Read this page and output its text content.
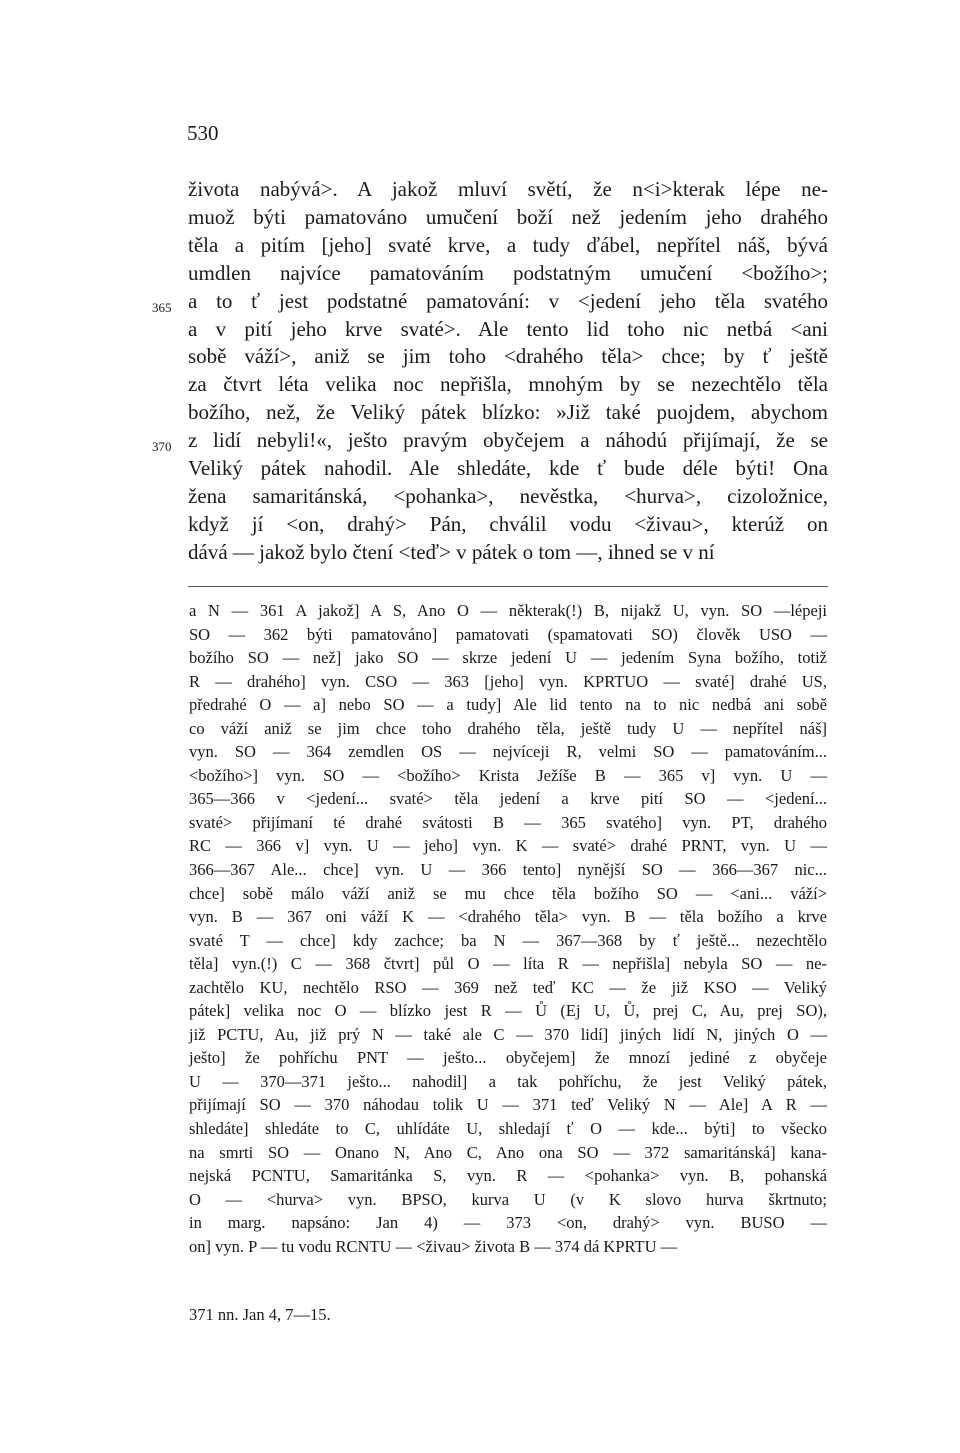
530
života nabývá>. A jakož mluví světí, že n<i>kterak lépe ne-
muož býti pamatováno umučení boží než jedením jeho drahého
těla a pitím [jeho] svaté krve, a tudy ďábel, nepřítel náš, bývá
umdlen najvíce pamatováním podstatným umučení <božího>;
365 a to ť jest podstatné pamatování: v <jedení jeho těla svatého
a v pití jeho krve svaté>. Ale tento lid toho nic netbá <ani
sobě váží>, aniž se jim toho <drahého těla> chce; by ť ještě
za čtvrt léta velika noc nepřišla, mnohým by se nezechtělo těla
božího, než, že Veliký pátek blízko: »Již také puojdem, abychom
370 z lidí nebyli!«, ješto pravým obyčejem a náhodú přijímají, že se
Veliký pátek nahodil. Ale shledáte, kde ť bude déle býti! Ona
žena samaritánská, <pohanka>, nevěstka, <hurva>, cizoložnice,
když jí <on, drahý> Pán, chválil vodu <živau>, kterúž on
dává — jakož bylo čtení <teď> v pátek o tom —, ihned se v ní
a N — 361 A jakož] A S, Ano O — některak(!) B, nijakž U, vyn. SO —lépeji
SO — 362 býti pamatováno] pamatovati (spamatovati SO) člověk USO —
božího SO — než] jako SO — skrze jedení U — jedením Syna božího, totiž
R — drahého] vyn. CSO — 363 [jeho] vyn. KPRTUO — svaté] drahé US,
předrahé O — a] nebo SO — a tudy] Ale lid tento na to nic nedbá ani sobě
co váží aniž se jim chce toho drahého těla, ještě tudy U — nepřítel náš]
vyn. SO — 364 zemdlen OS — nejvíceji R, velmi SO — pamatováním...
<božího>] vyn. SO — <božího> Krista Ježíše B — 365 v] vyn. U —
365—366 v <jedení... svaté> těla jedení a krve pití SO — <jedení...
svaté> přijímaní té drahé svátosti B — 365 svatého] vyn. PT, drahého
RC — 366 v] vyn. U — jeho] vyn. K — svaté> drahé PRNT, vyn. U —
366—367 Ale... chce] vyn. U — 366 tento] nynější SO — 366—367 nic...
chce] sobě málo váží aniž se mu chce těla božího SO — <ani... váží>
vyn. B — 367 oni váží K — <drahého těla> vyn. B — těla božího a krve
svaté T — chce] kdy zachce; ba N — 367—368 by ť ještě... nezechtělo
těla] vyn.(!) C — 368 čtvrt] půl O — líta R — nepřišla] nebyla SO — ne-
zachtělo KU, nechtělo RSO — 369 než teď KC — že již KSO — Veliký
pátek] velika noc O — blízko jest R — Ů (Ej U, Ů, prej C, Au, prej SO),
již PCTU, Au, již prý N — také ale C — 370 lidí] jiných lidí N, jiných O —
ješto] že pohříchu PNT — ješto... obyčejem] že mnozí jediné z obyčeje
U — 370—371 ješto... nahodil] a tak pohříchu, že jest Veliký pátek,
přijímají SO — 370 náhodau tolik U — 371 teď Veliký N — Ale] A R —
shledáte] shledáte to C, uhlídáte U, shledají ť O — kde... býti] to všecko
na smrti SO — Onano N, Ano C, Ano ona SO — 372 samaritánská] kana-
nejská PCNTU, Samaritánka S, vyn. R — <pohanka> vyn. B, pohanská
O — <hurva> vyn. BPSO, kurva U (v K slovo hurva škrtnuto;
in marg. napsáno: Jan 4) — 373 <on, drahý> vyn. BUSO —
on] vyn. P — tu vodu RCNTU — <živau> života B — 374 dá KPRTU —
371 nn. Jan 4, 7—15.
